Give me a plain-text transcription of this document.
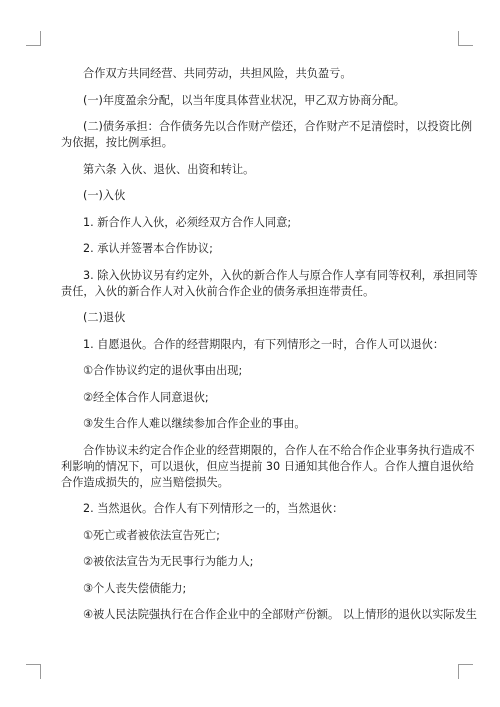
合作双方共同经营、共同劳动，共担风险，共负盈亏。

(一)年度盈余分配，以当年度具体营业状况，甲乙双方协商分配。

(二)债务承担：合作债务先以合作财产偿还，合作财产不足清偿时，以投资比例

为依据，按比例承担。

第六条 入伙、退伙、出资和转让。

(一)入伙

1. 新合作人入伙，必须经双方合作人同意;

2. 承认并签署本合作协议;

3. 除入伙协议另有约定外，入伙的新合作人与原合作人享有同等权利，承担同等

责任，入伙的新合作人对入伙前合作企业的债务承担连带责任。

(二)退伙

1. 自愿退伙。合作的经营期限内，有下列情形之一时，合作人可以退伙：

①合作协议约定的退伙事由出现;

②经全体合作人同意退伙;

③发生合作人难以继续参加合作企业的事由。

合作协议未约定合作企业的经营期限的，合作人在不给合作企业事务执行造成不

利影响的情况下，可以退伙，但应当提前 30 日通知其他合作人。合作人擅自退伙给

合作造成损失的，应当赔偿损失。

2. 当然退伙。合作人有下列情形之一的，当然退伙：

①死亡或者被依法宣告死亡;

②被依法宣告为无民事行为能力人;

③个人丧失偿债能力;

④被人民法院强执行在合作企业中的全部财产份额。 以上情形的退伙以实际发生
